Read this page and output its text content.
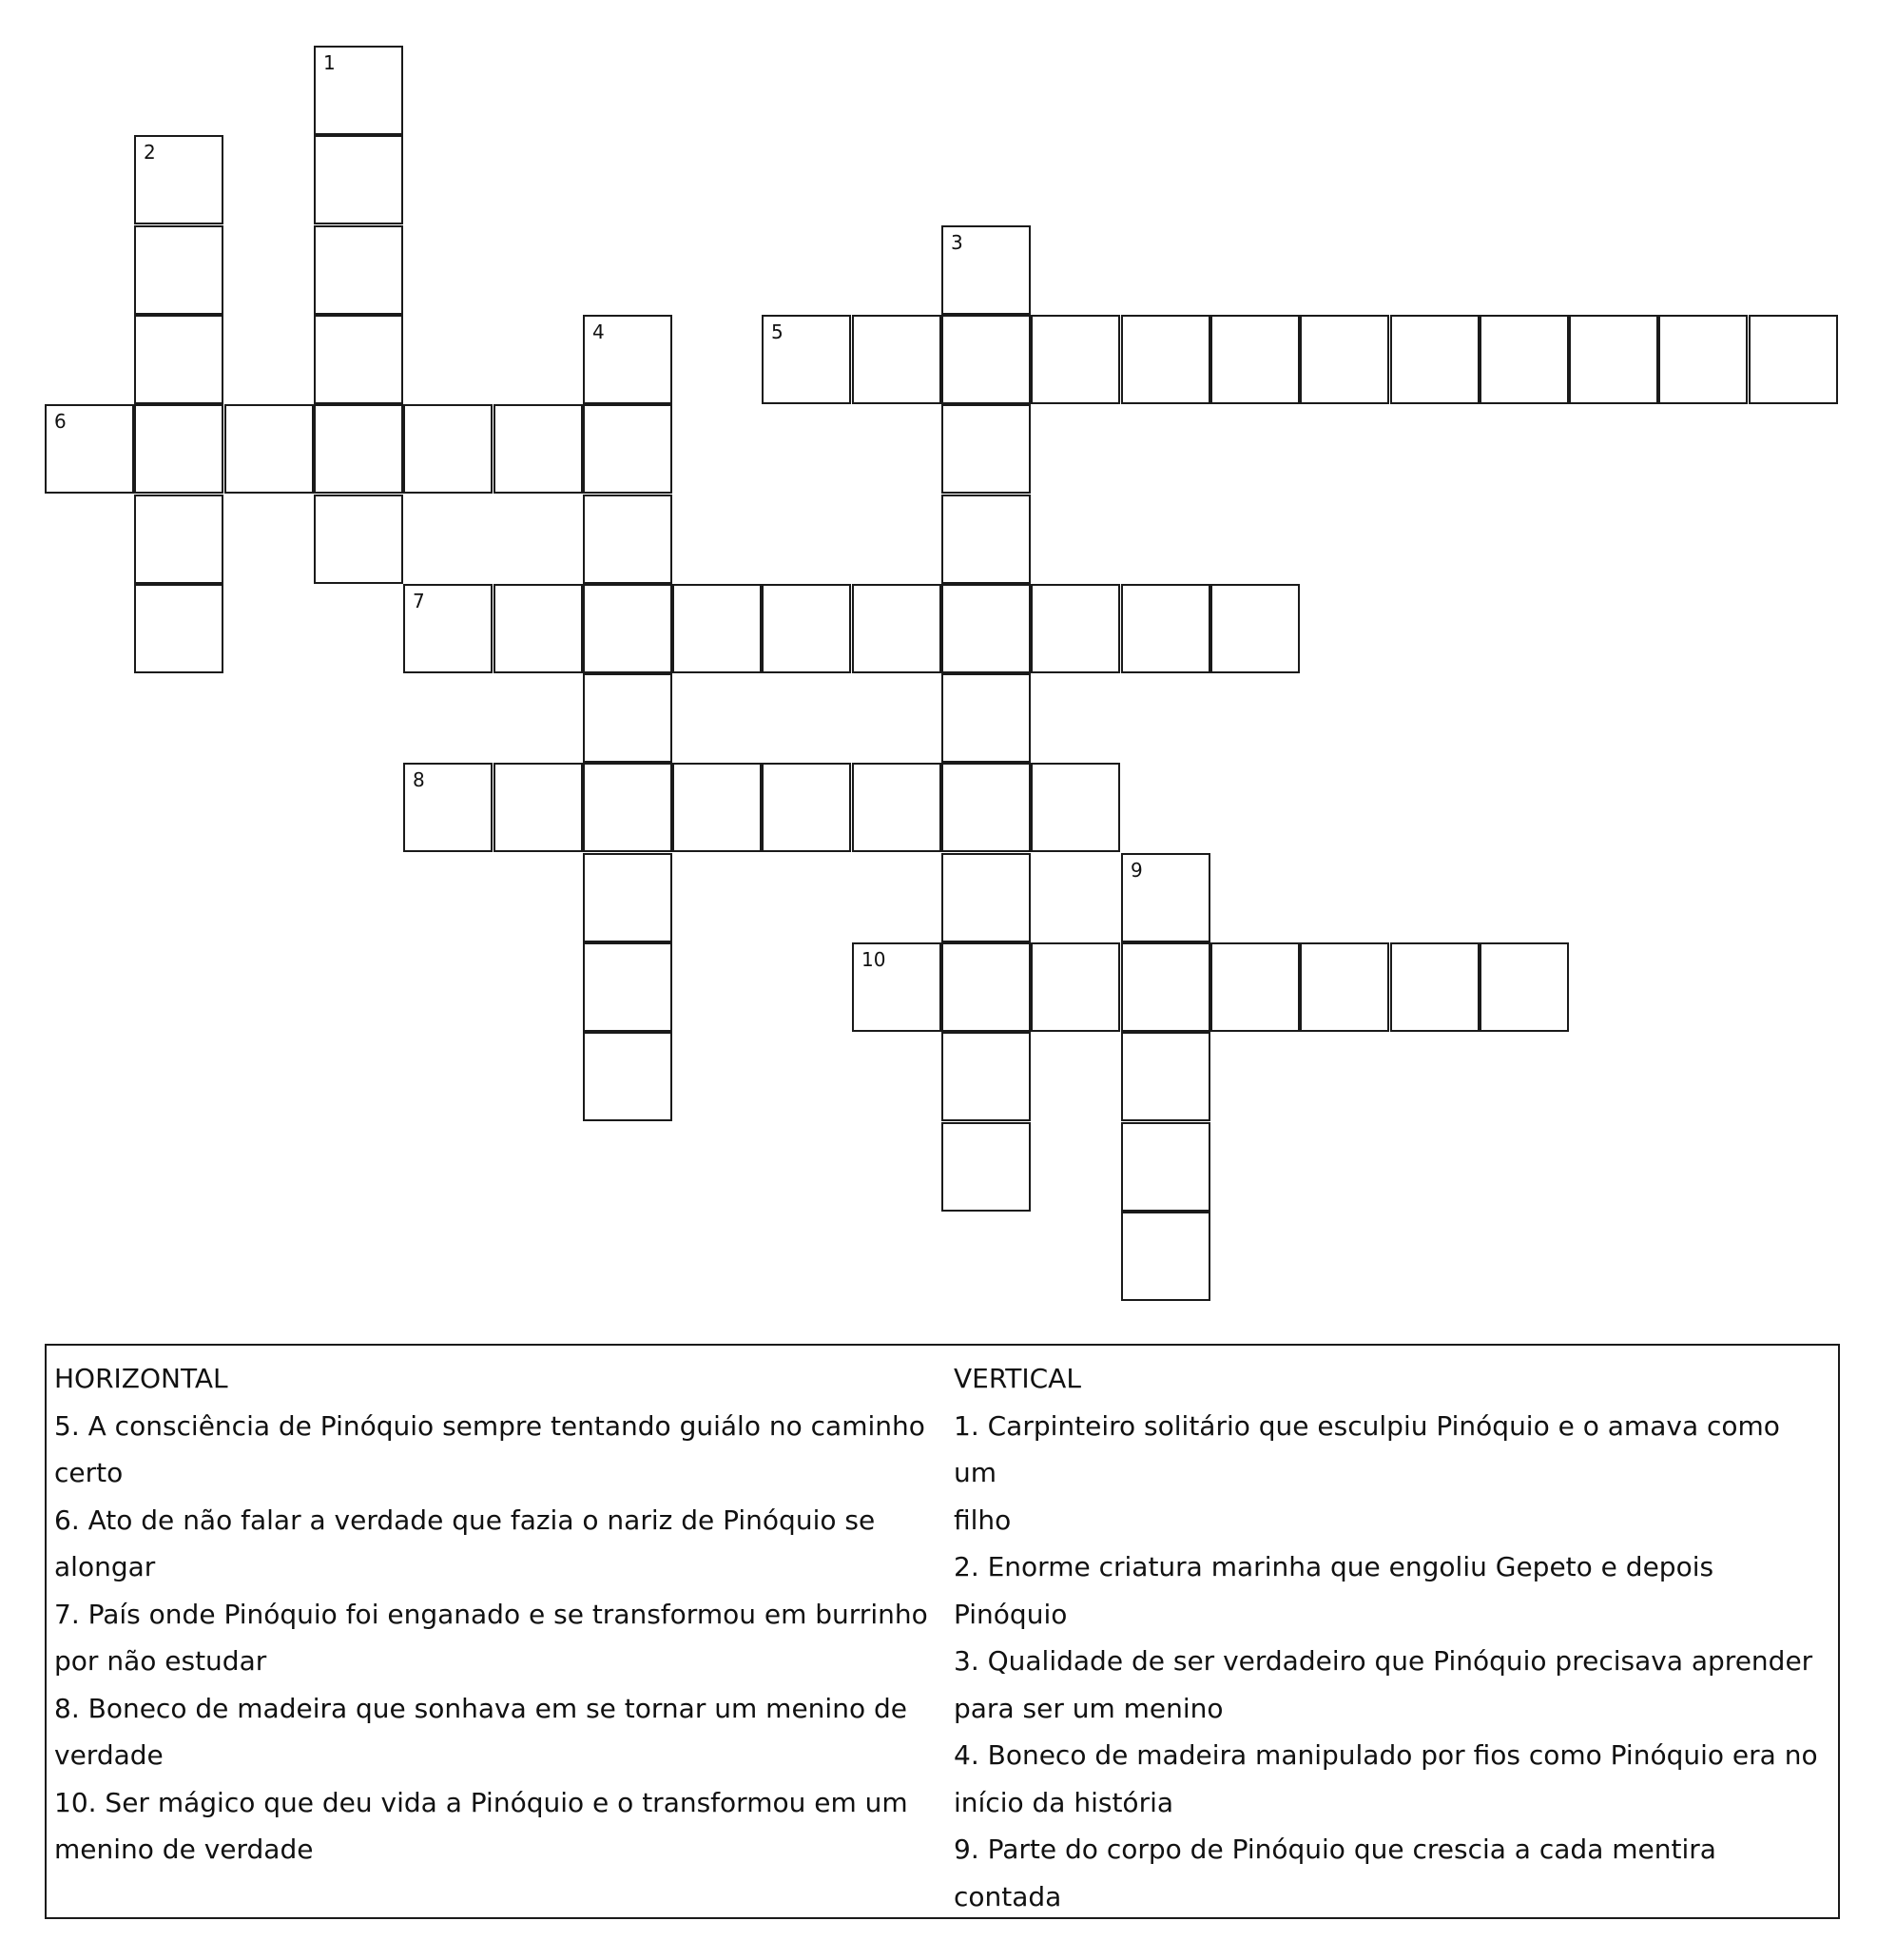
1
2
3
4	5
6
7
8
9
10
HORIZONTAL
5. A consciência de Pinóquio sempre tentando guiálo no caminho
certo
6. Ato de não falar a verdade que fazia o nariz de Pinóquio se
alongar
7. País onde Pinóquio foi enganado e se transformou em burrinho
por não estudar
8. Boneco de madeira que sonhava em se tornar um menino de
verdade
10. Ser mágico que deu vida a Pinóquio e o transformou em um
menino de verdade
VERTICAL
1. Carpinteiro solitário que esculpiu Pinóquio e o amava como um
filho
2. Enorme criatura marinha que engoliu Gepeto e depois Pinóquio
3. Qualidade de ser verdadeiro que Pinóquio precisava aprender
para ser um menino
4. Boneco de madeira manipulado por fios como Pinóquio era no
início da história
9. Parte do corpo de Pinóquio que crescia a cada mentira contada
